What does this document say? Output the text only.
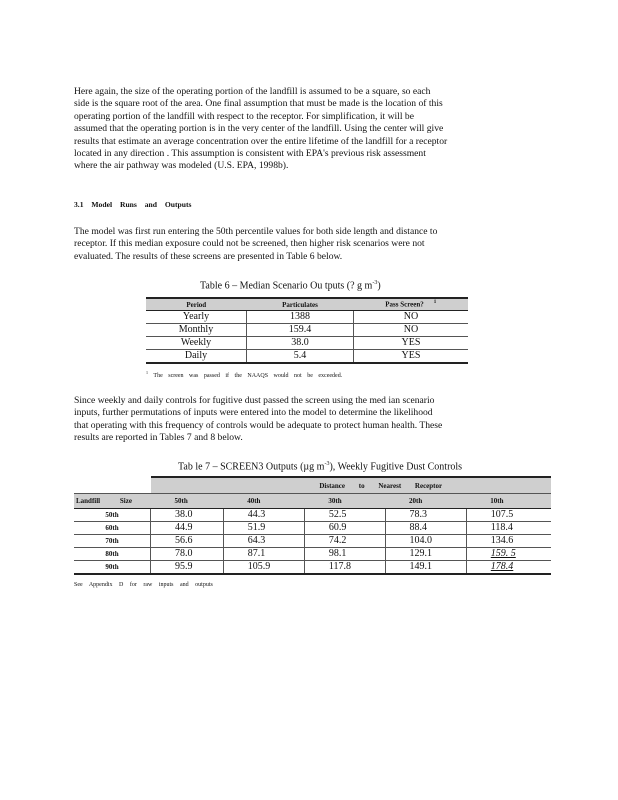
Here again, the size of the operating portion of the landfill is assumed to be a square, so each
side is the square root of the area. One final assumption that must be made is the location of this
operating portion of the landfill with respect to the receptor. For simplification, it will be
assumed that the operating portion is in the very center of the landfill. Using the center will give
results that estimate an average concentration over the entire lifetime of the landfill for a receptor
located in any direction . This assumption is consistent with EPA's previous risk assessment
where the air pathway was modeled (U.S. EPA, 1998b).
3.1 Model Runs and Outputs
The model was first run entering the 50th percentile values for both side length and distance to
receptor. If this median exposure could not be screened, then higher risk scenarios were not
evaluated. The results of these screens are presented in Table 6 below.
Table 6 – Median Scenario Ou tputs (? g $m^{-3}$)
Period	Particulates	Pass Screen? $^1$
Yearly	1388	NO
Monthly	159.4	NO
Weekly	38.0	YES
Daily	5.4	YES
$^1$ The screen was passed if the NAAQS would not be exceeded.
Since weekly and daily controls for fugitive dust passed the screen using the med ian scenario
inputs, further permutations of inputs were entered into the model to determine the likelihood
that operating with this frequency of controls would be adequate to protect human health. These
results are reported in Tables 7 and 8 below.
Tab le 7 – SCREEN3 Outputs (µg $m^{-3}$), Weekly Fugitive Dust Controls
	Distance to Nearest Receptor				
Landfill Size	50th	40th	30th	20th	10th
50th	38.0	44.3	52.5	78.3	107.5
60th	44.9	51.9	60.9	88.4	118.4
70th	56.6	64.3	74.2	104.0	134.6
80th	78.0	87.1	98.1	129.1	159. 5
90th	95.9	105.9	117.8	149.1	178.4
See Appendix D for raw inputs and outputs
